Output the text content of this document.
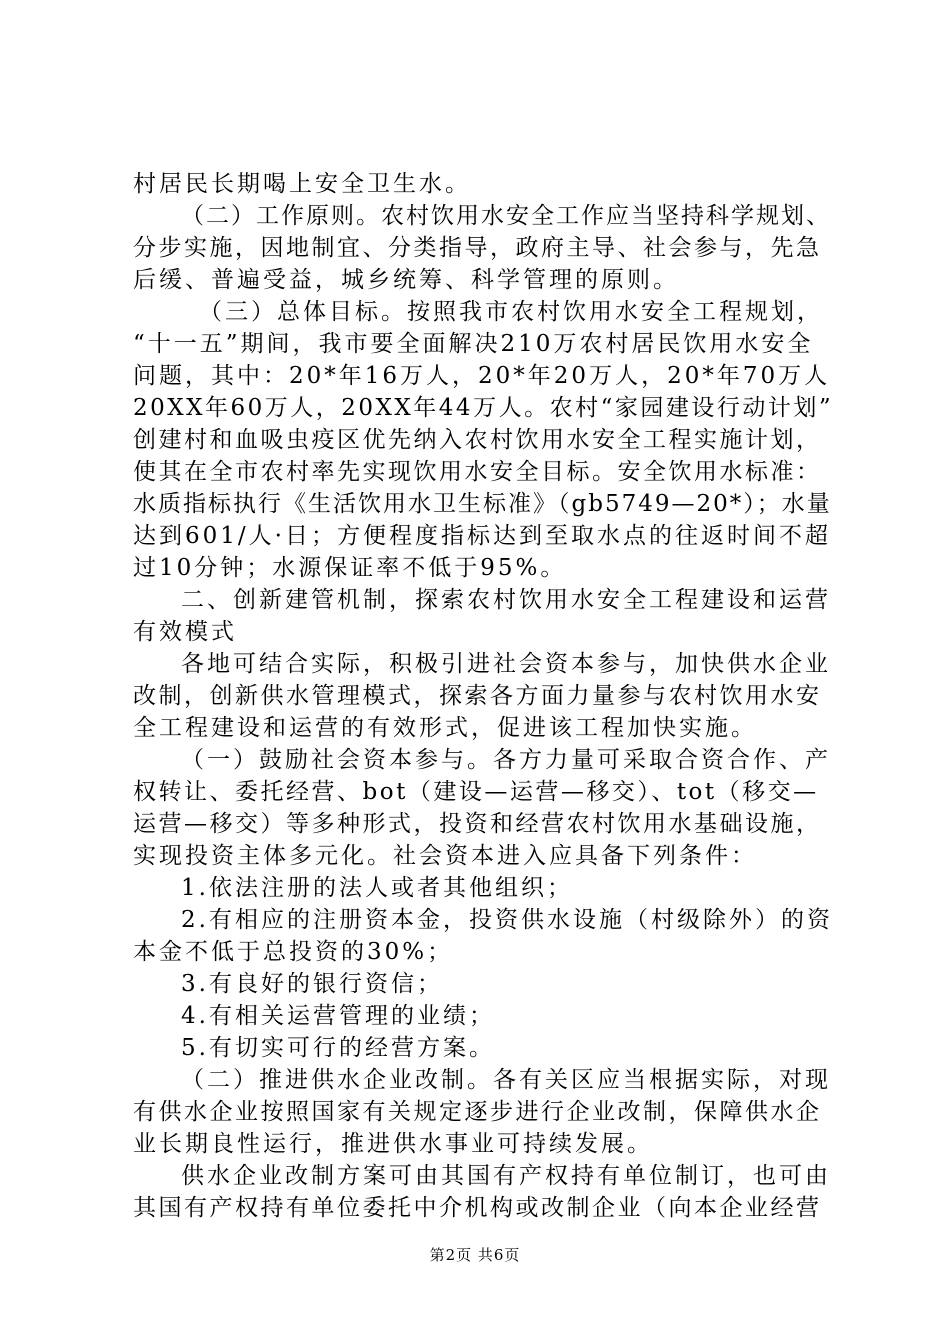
村居民长期喝上安全卫生水。
（二）工作原则。农村饮用水安全工作应当坚持科学规划、
分步实施，因地制宜、分类指导，政府主导、社会参与，先急
后缓、普遍受益，城乡统筹、科学管理的原则。
（三）总体目标。按照我市农村饮用水安全工程规划，
“十一五”期间，我市要全面解决210万农村居民饮用水安全
问题，其中：20*年16万人，20*年20万人，20*年70万人
20XX年60万人，20XX年44万人。农村“家园建设行动计划”
创建村和血吸虫疫区优先纳入农村饮用水安全工程实施计划，
使其在全市农村率先实现饮用水安全目标。安全饮用水标准：
水质指标执行《生活饮用水卫生标准》（gb5749—20*）；水量
达到601/人·日；方便程度指标达到至取水点的往返时间不超
过10分钟；水源保证率不低于95%。
二、创新建管机制，探索农村饮用水安全工程建设和运营
有效模式
各地可结合实际，积极引进社会资本参与，加快供水企业
改制，创新供水管理模式，探索各方面力量参与农村饮用水安
全工程建设和运营的有效形式，促进该工程加快实施。
（一）鼓励社会资本参与。各方力量可采取合资合作、产
权转让、委托经营、bot（建设—运营—移交）、tot（移交—
运营—移交）等多种形式，投资和经营农村饮用水基础设施，
实现投资主体多元化。社会资本进入应具备下列条件：
1.依法注册的法人或者其他组织；
2.有相应的注册资本金，投资供水设施（村级除外）的资
本金不低于总投资的30%；
3.有良好的银行资信；
4.有相关运营管理的业绩；
5.有切实可行的经营方案。
（二）推进供水企业改制。各有关区应当根据实际，对现
有供水企业按照国家有关规定逐步进行企业改制，保障供水企
业长期良性运行，推进供水事业可持续发展。
供水企业改制方案可由其国有产权持有单位制订，也可由
其国有产权持有单位委托中介机构或改制企业（向本企业经营
第2页 共6页
